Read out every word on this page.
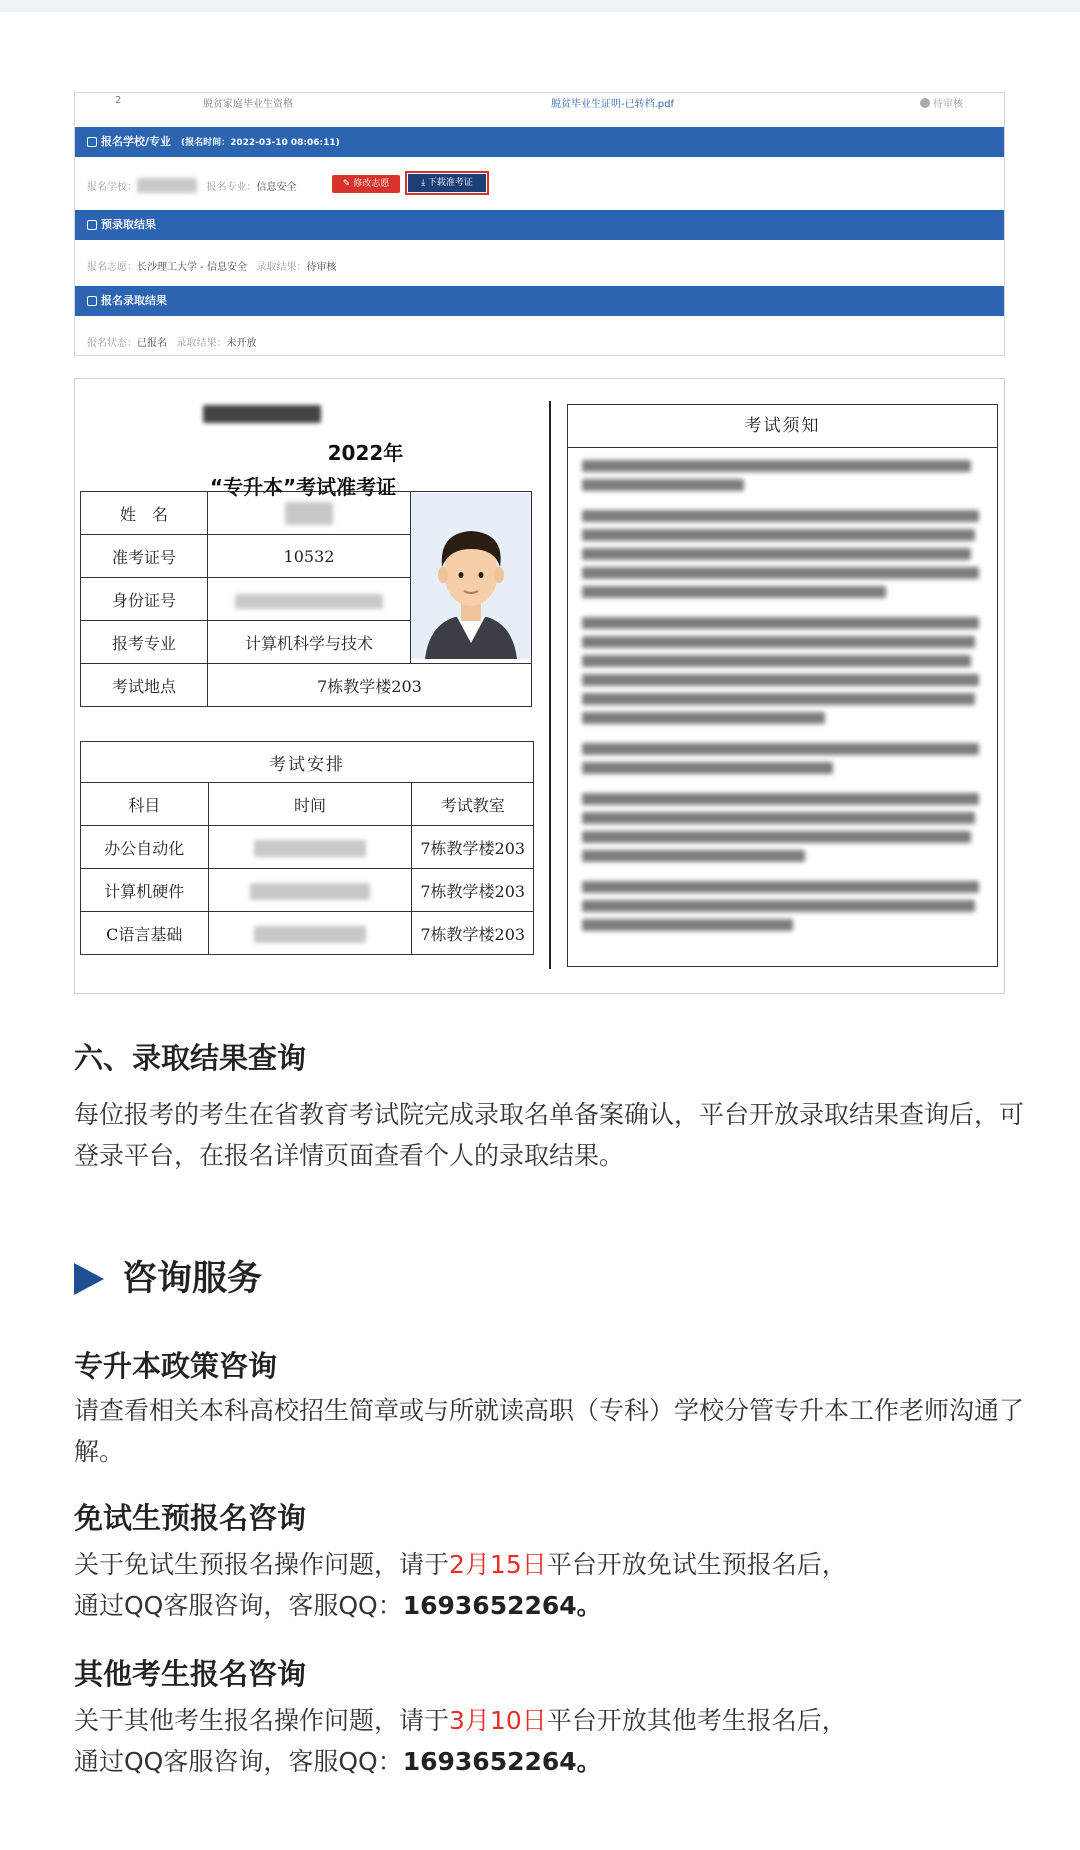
2	脱贫家庭毕业生资格	脱贫毕业生证明-已转档.pdf	待审核
报名学校/专业 (报名时间：2022-03-10 08:06:11)
报名学校：	报名专业：信息安全	✎ 修改志愿	⤓ 下载准考证
预录取结果
报名志愿：长沙理工大学 - 信息安全 录取结果：待审核
报名录取结果
报名状态：已报名 录取结果：未开放
2022年
“专升本”考试准考证
姓　名		
准考证号	10532	
身份证号	
报考专业	计算机科学与技术	
考试地点	7栋教学楼203	
考试安排		
科目	时间	考试教室
办公自动化		7栋教学楼203
计算机硬件		7栋教学楼203
C语言基础		7栋教学楼203
考试须知
六、录取结果查询
每位报考的考生在省教育考试院完成录取名单备案确认，平台开放录取结果查询后，可登录平台，在报名详情页面查看个人的录取结果。
咨询服务
专升本政策咨询
请查看相关本科高校招生简章或与所就读高职（专科）学校分管专升本工作老师沟通了解。
免试生预报名咨询
关于免试生预报名操作问题，请于2月15日平台开放免试生预报名后，
通过QQ客服咨询，客服QQ：1693652264。
其他考生报名咨询
关于其他考生报名操作问题，请于3月10日平台开放其他考生报名后，
通过QQ客服咨询，客服QQ：1693652264。
